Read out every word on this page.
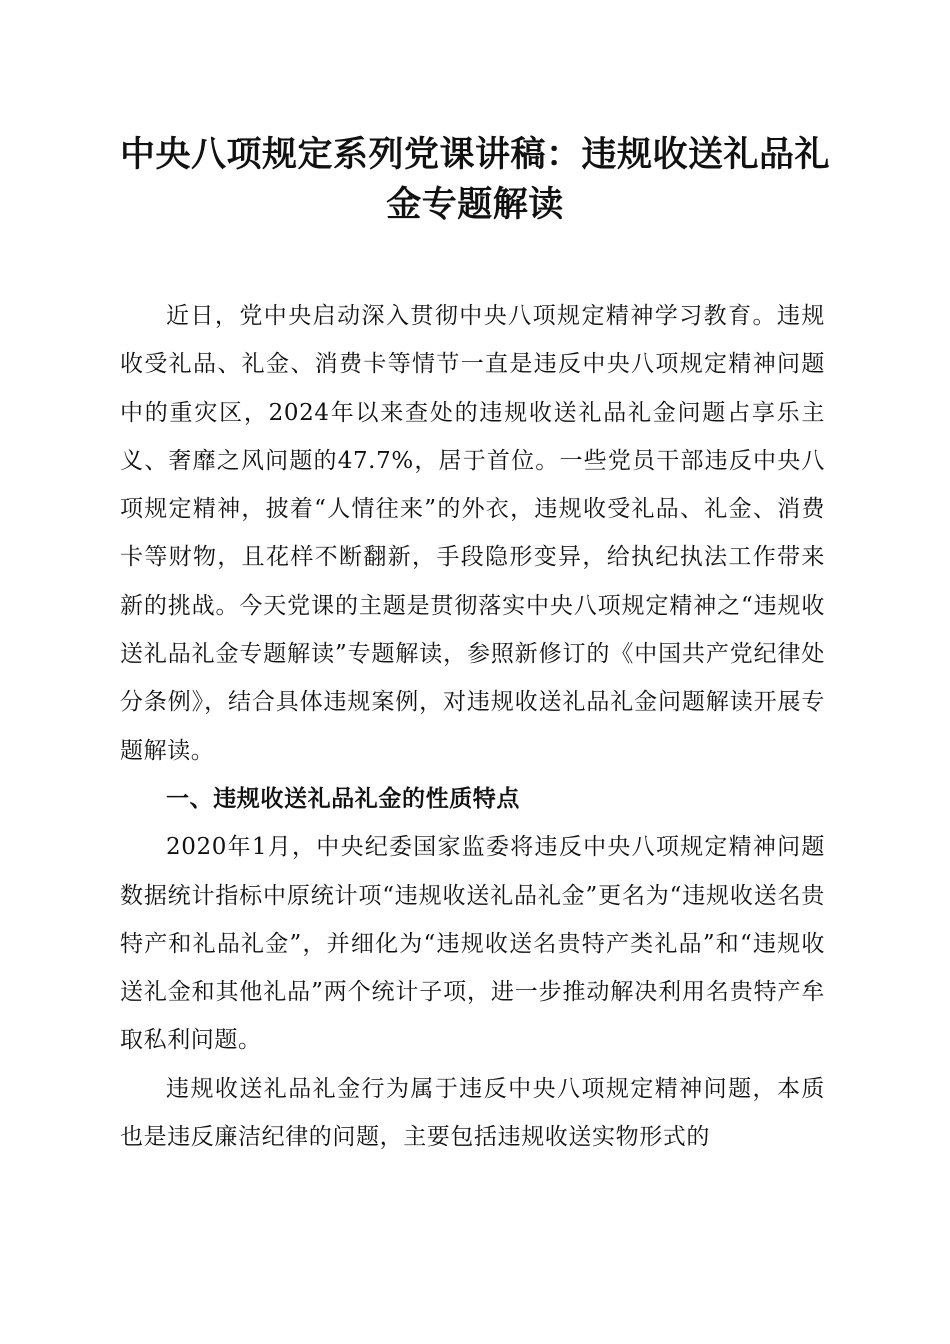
中央八项规定系列党课讲稿：违规收送礼品礼金专题解读

近日，党中央启动深入贯彻中央八项规定精神学习教育。违规收受礼品、礼金、消费卡等情节一直是违反中央八项规定精神问题中的重灾区，2024年以来查处的违规收送礼品礼金问题占享乐主义、奢靡之风问题的47.7%，居于首位。一些党员干部违反中央八项规定精神，披着“人情往来”的外衣，违规收受礼品、礼金、消费卡等财物，且花样不断翻新，手段隐形变异，给执纪执法工作带来新的挑战。今天党课的主题是贯彻落实中央八项规定精神之“违规收送礼品礼金专题解读”专题解读，参照新修订的《中国共产党纪律处分条例》，结合具体违规案例，对违规收送礼品礼金问题解读开展专题解读。

一、违规收送礼品礼金的性质特点

2020年1月，中央纪委国家监委将违反中央八项规定精神问题数据统计指标中原统计项“违规收送礼品礼金”更名为“违规收送名贵特产和礼品礼金”，并细化为“违规收送名贵特产类礼品”和“违规收送礼金和其他礼品”两个统计子项，进一步推动解决利用名贵特产牟取私利问题。

违规收送礼品礼金行为属于违反中央八项规定精神问题，本质也是违反廉洁纪律的问题，主要包括违规收送实物形式的
